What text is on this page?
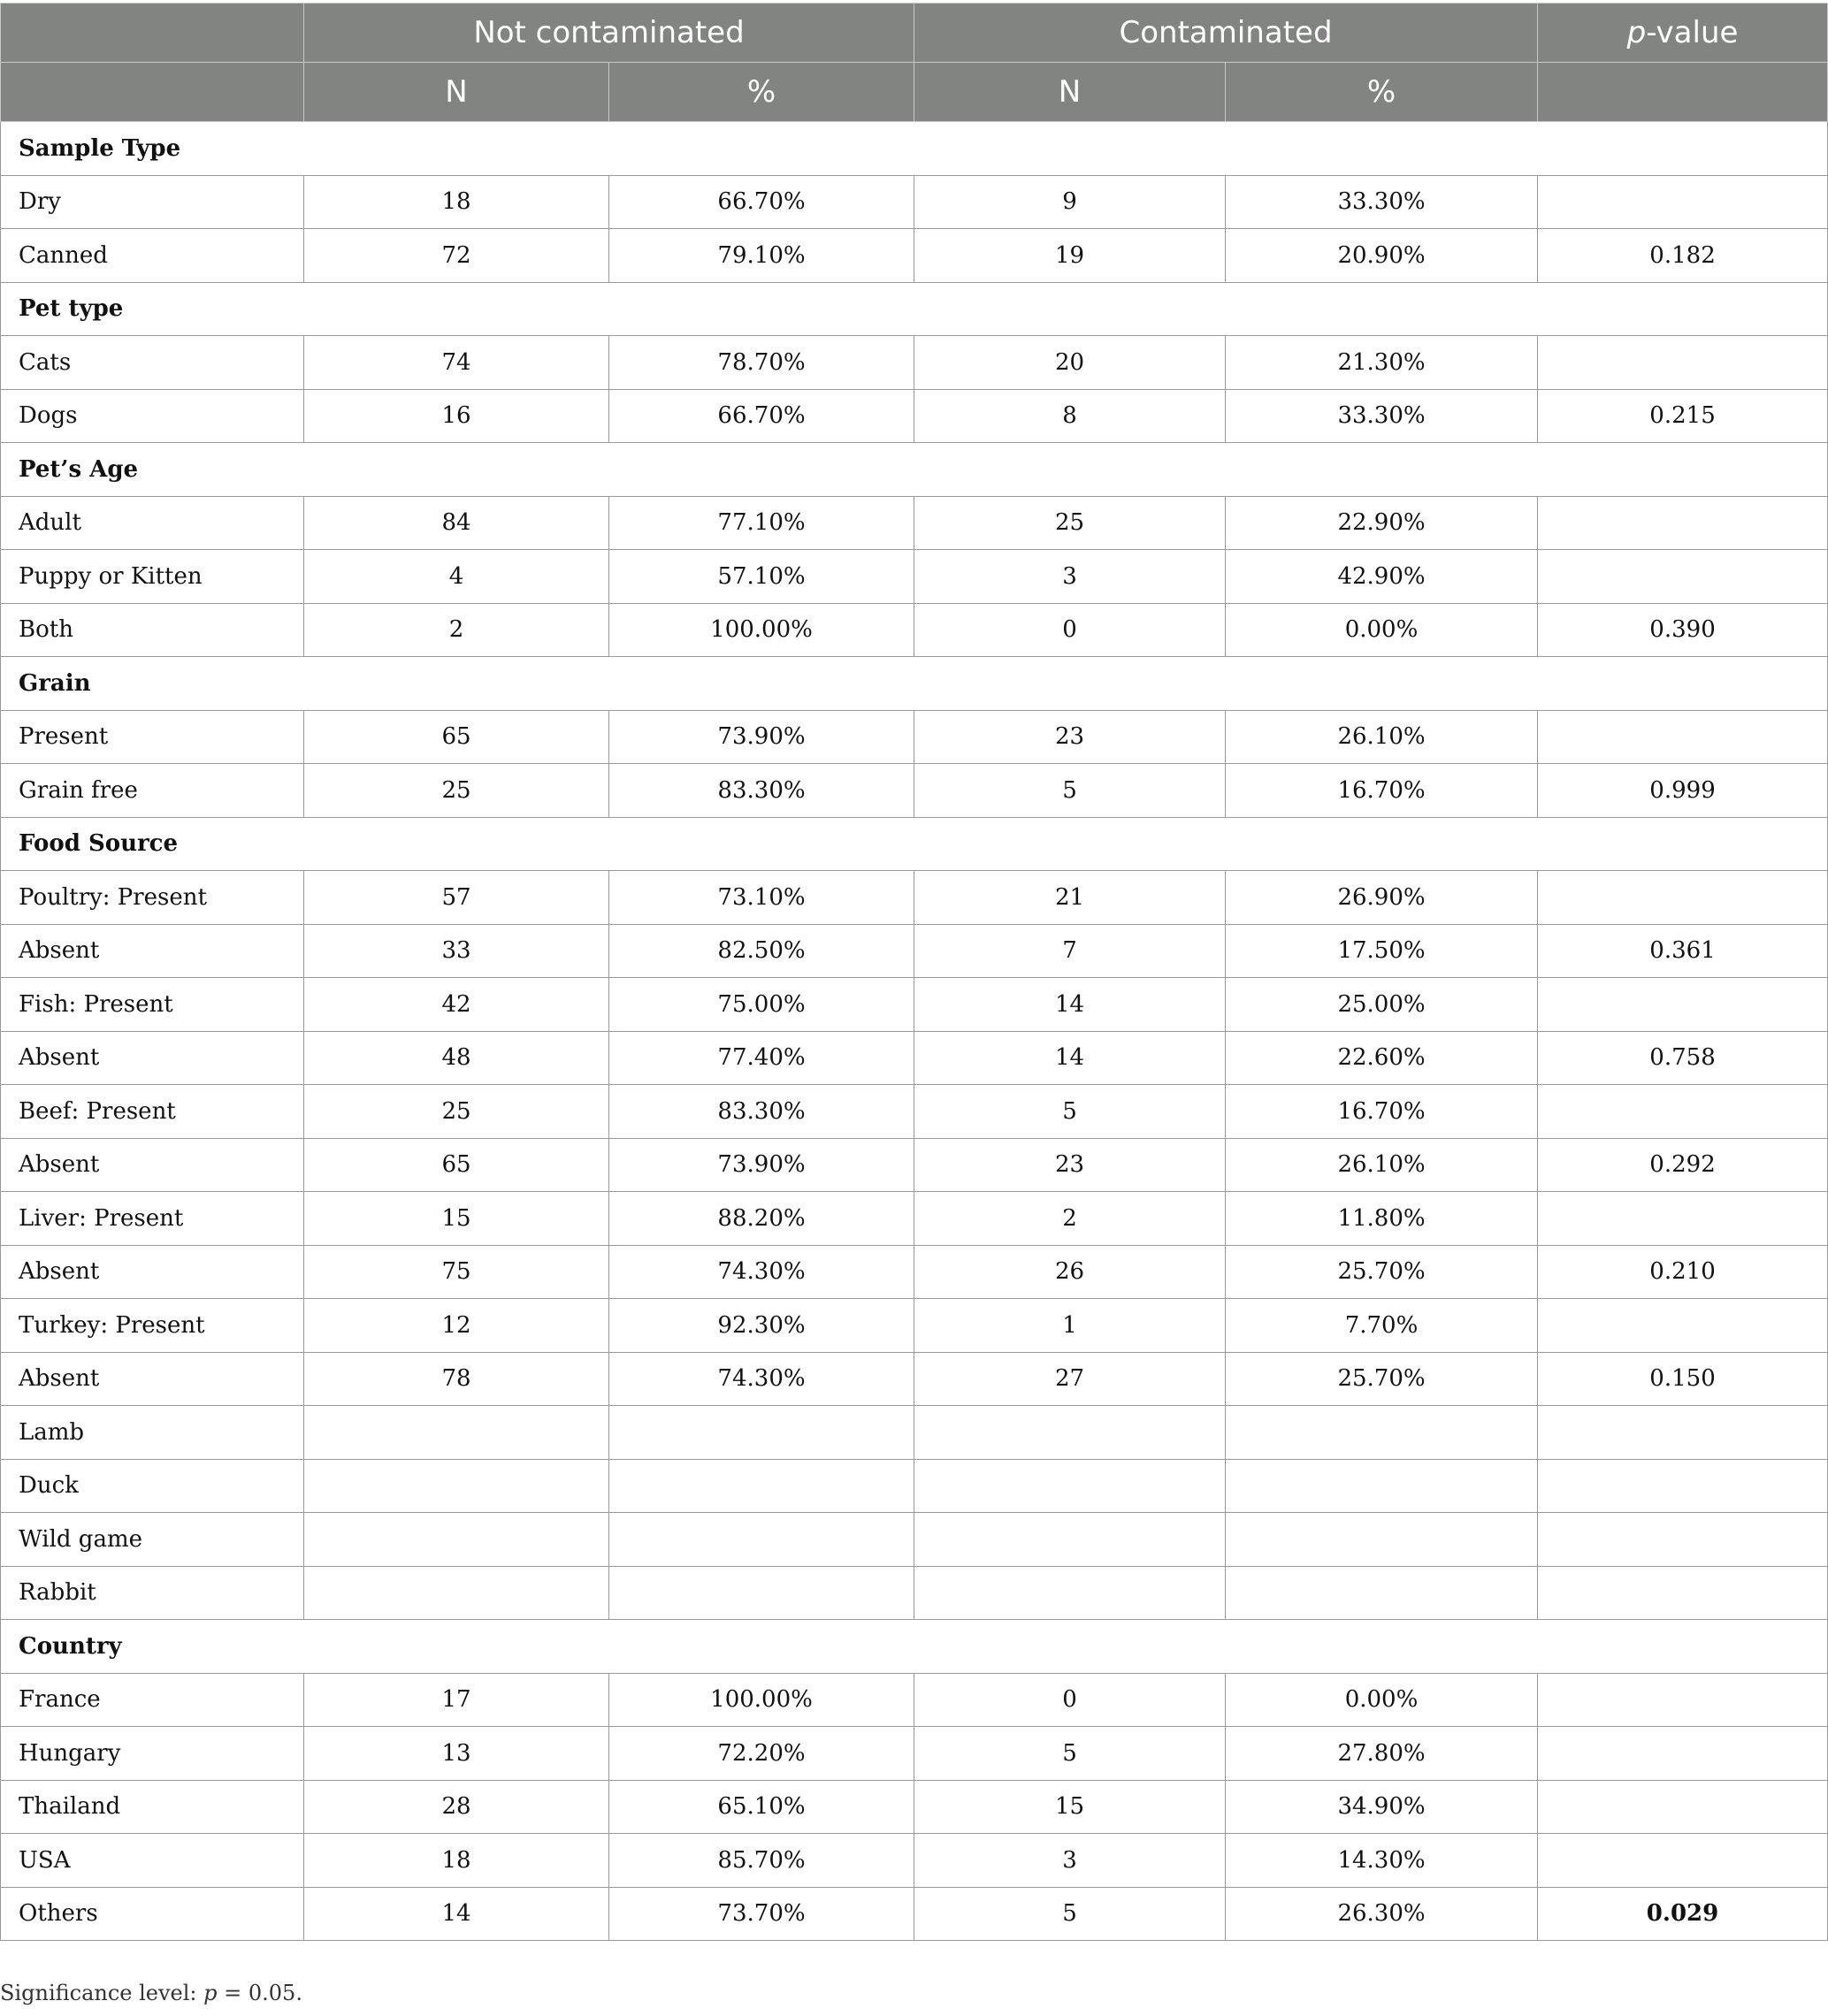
	Not contaminated		Contaminated		p-value
	N	%	N	%	
Sample Type					
Dry	18	66.70%	9	33.30%	
Canned	72	79.10%	19	20.90%	0.182
Pet type					
Cats	74	78.70%	20	21.30%	
Dogs	16	66.70%	8	33.30%	0.215
Pet’s Age					
Adult	84	77.10%	25	22.90%	
Puppy or Kitten	4	57.10%	3	42.90%	
Both	2	100.00%	0	0.00%	0.390
Grain					
Present	65	73.90%	23	26.10%	
Grain free	25	83.30%	5	16.70%	0.999
Food Source					
Poultry: Present	57	73.10%	21	26.90%	
Absent	33	82.50%	7	17.50%	0.361
Fish: Present	42	75.00%	14	25.00%	
Absent	48	77.40%	14	22.60%	0.758
Beef: Present	25	83.30%	5	16.70%	
Absent	65	73.90%	23	26.10%	0.292
Liver: Present	15	88.20%	2	11.80%	
Absent	75	74.30%	26	25.70%	0.210
Turkey: Present	12	92.30%	1	7.70%	
Absent	78	74.30%	27	25.70%	0.150
Lamb					
Duck					
Wild game					
Rabbit					
Country					
France	17	100.00%	0	0.00%	
Hungary	13	72.20%	5	27.80%	
Thailand	28	65.10%	15	34.90%	
USA	18	85.70%	3	14.30%	
Others	14	73.70%	5	26.30%	0.029
Significance level: p = 0.05.
